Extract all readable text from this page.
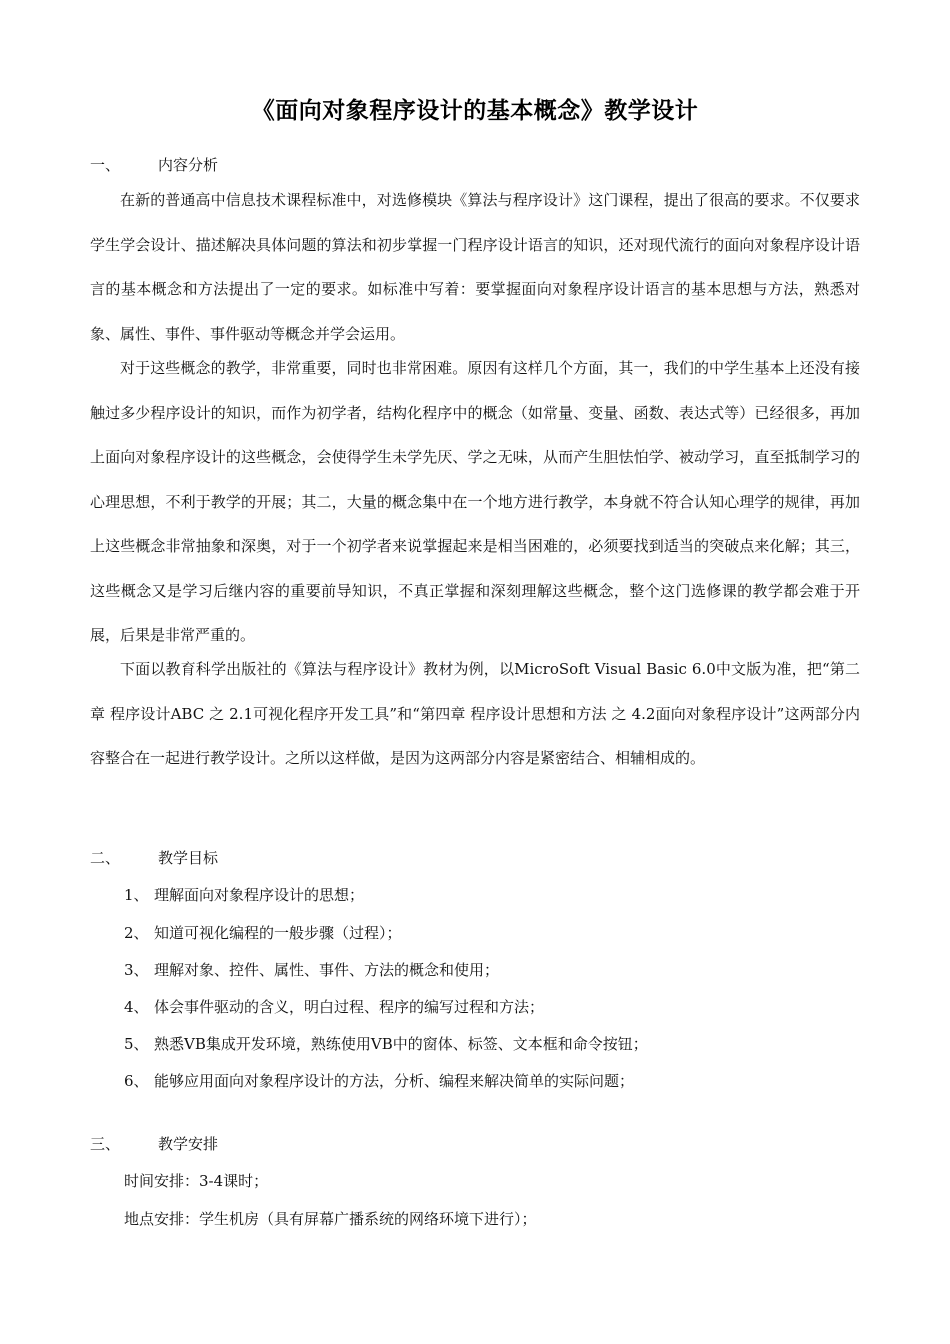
《面向对象程序设计的基本概念》教学设计
一、	内容分析

在新的普通高中信息技术课程标准中，对选修模块《算法与程序设计》这门课程，提出了很高的要求。不仅要求学生学会设计、描述解决具体问题的算法和初步掌握一门程序设计语言的知识，还对现代流行的面向对象程序设计语言的基本概念和方法提出了一定的要求。如标准中写着：要掌握面向对象程序设计语言的基本思想与方法，熟悉对象、属性、事件、事件驱动等概念并学会运用。

对于这些概念的教学，非常重要，同时也非常困难。原因有这样几个方面，其一，我们的中学生基本上还没有接触过多少程序设计的知识，而作为初学者，结构化程序中的概念（如常量、变量、函数、表达式等）已经很多，再加上面向对象程序设计的这些概念，会使得学生未学先厌、学之无味，从而产生胆怯怕学、被动学习，直至抵制学习的心理思想，不利于教学的开展；其二，大量的概念集中在一个地方进行教学，本身就不符合认知心理学的规律，再加上这些概念非常抽象和深奥，对于一个初学者来说掌握起来是相当困难的，必须要找到适当的突破点来化解；其三，这些概念又是学习后继内容的重要前导知识，不真正掌握和深刻理解这些概念，整个这门选修课的教学都会难于开展，后果是非常严重的。

下面以教育科学出版社的《算法与程序设计》教材为例，以MicroSoft Visual Basic 6.0中文版为准，把“第二章 程序设计ABC 之 2.1可视化程序开发工具”和“第四章 程序设计思想和方法 之 4.2面向对象程序设计”这两部分内容整合在一起进行教学设计。之所以这样做，是因为这两部分内容是紧密结合、相辅相成的。

二、	教学目标
1、 理解面向对象程序设计的思想；
2、 知道可视化编程的一般步骤（过程）；
3、 理解对象、控件、属性、事件、方法的概念和使用；
4、 体会事件驱动的含义，明白过程、程序的编写过程和方法；
5、 熟悉VB集成开发环境，熟练使用VB中的窗体、标签、文本框和命令按钮；
6、 能够应用面向对象程序设计的方法，分析、编程来解决简单的实际问题；
三、	教学安排
时间安排：3-4课时；
地点安排：学生机房（具有屏幕广播系统的网络环境下进行）；
